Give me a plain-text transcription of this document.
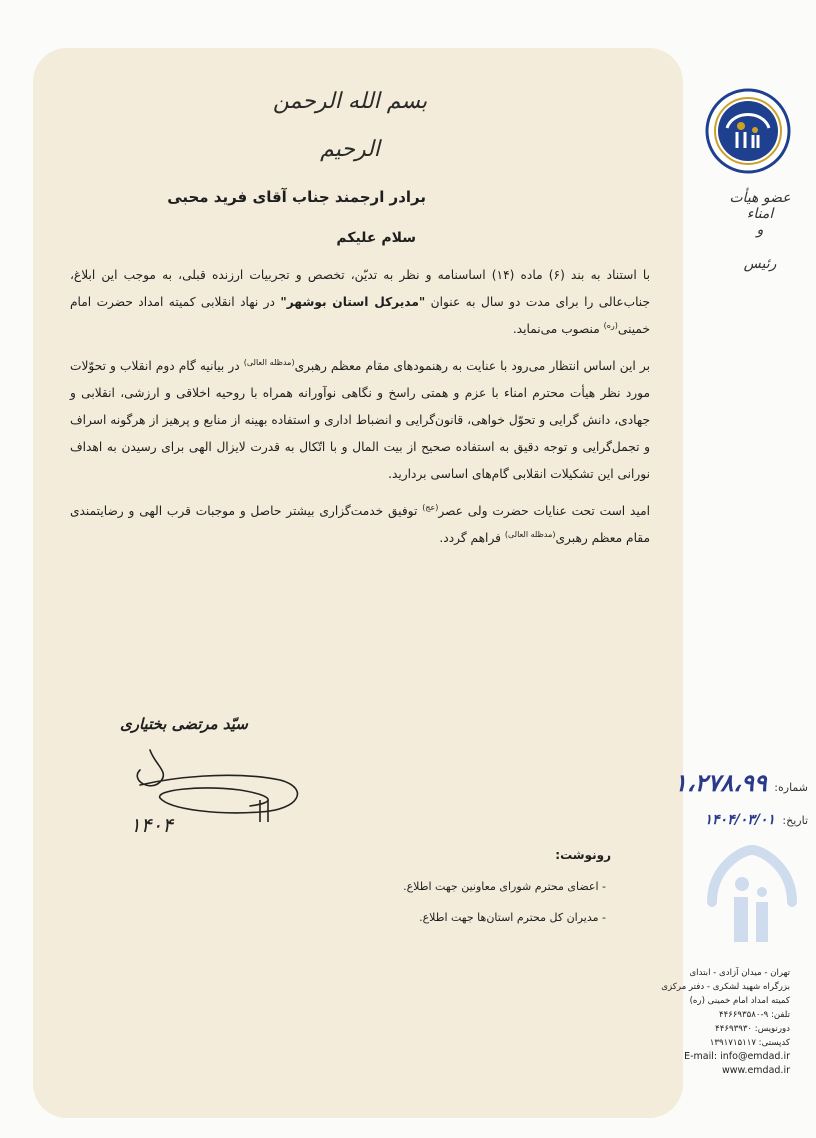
بسم الله الرحمن الرحیم
برادر ارجمند جناب آقای فرید محبی
سلام علیکم

با استناد به بند (۶) ماده (۱۴) اساسنامه و نظر به تدیّن، تخصص و تجربیات ارزنده قبلی، به موجب این ابلاغ، جناب‌عالی را برای مدت دو سال به عنوان "مدیرکل استان بوشهر" در نهاد انقلابی کمیته امداد حضرت امام خمینی$^{(ره)}$ منصوب می‌نماید.

بر این اساس انتظار می‌رود با عنایت به رهنمودهای مقام معظم رهبری$^{(مدظله العالی)}$ در بیانیه گام دوم انقلاب و تحوّلات مورد نظر هیأت محترم امناء با عزم و همتی راسخ و نگاهی نوآورانه همراه با روحیه اخلاقی و ارزشی، انقلابی و جهادی، دانش گرایی و تحوّل خواهی، قانون‌گرایی و انضباط اداری و استفاده بهینه از منابع و پرهیز از هرگونه اسراف و تجمل‌گرایی و توجه دقیق به استفاده صحیح از بیت المال و با اتّکال به قدرت لایزال الهی برای رسیدن به اهداف نورانی این تشکیلات انقلابی گام‌های اساسی بردارید.

امید است تحت عنایات حضرت ولی عصر$^{(عج)}$ توفیق خدمت‌گزاری بیشتر حاصل و موجبات قرب الهی و رضایتمندی مقام معظم رهبری$^{(مدظله العالی)}$ فراهم گردد.

سیّد مرتضی بختیاری
۱۴۰۴
رونوشت:
- اعضای محترم شورای معاونین جهت اطلاع.
- مدیران کل محترم استان‌ها جهت اطلاع.
عضو هیأت امناء
و
رئیس
شماره: ۱،۲۷۸،۹۹
تاریخ: ۱۴۰۴/۰۳/۰۱
تهران - میدان آزادی - ابتدای
بزرگراه شهید لشکری - دفتر مرکزی
کمیته امداد امام خمینی (ره)
تلفن: ۹-۴۴۶۶۹۳۵۸۰
دورنویس: ۴۴۶۹۳۹۳۰
کدپستی: ۱۳۹۱۷۱۵۱۱۷
E-mail: info@emdad.ir
www.emdad.ir
